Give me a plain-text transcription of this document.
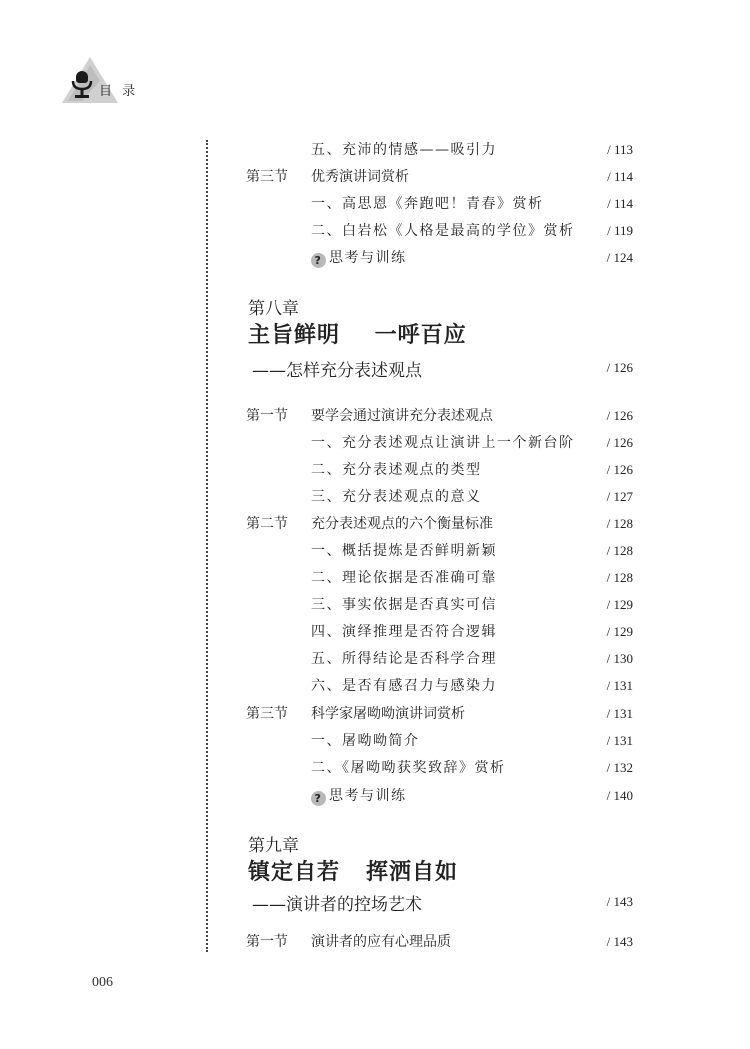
目 录
五、充沛的情感——吸引力	/ 113
第三节 优秀演讲词赏析	/ 114
一、高思恩《奔跑吧！青春》赏析	/ 114
二、白岩松《人格是最高的学位》赏析	/ 119
? 思考与训练	/ 124
第八章
主旨鲜明    一呼百应
——怎样充分表述观点	/ 126
第一节 要学会通过演讲充分表述观点	/ 126
一、充分表述观点让演讲上一个新台阶 / 126
二、充分表述观点的类型	/ 126
三、充分表述观点的意义	/ 127
第二节 充分表述观点的六个衡量标准	/ 128
一、概括提炼是否鲜明新颖	/ 128
二、理论依据是否准确可靠	/ 128
三、事实依据是否真实可信	/ 129
四、演绎推理是否符合逻辑	/ 129
五、所得结论是否科学合理	/ 130
六、是否有感召力与感染力	/ 131
第三节 科学家屠呦呦演讲词赏析	/ 131
一、屠呦呦简介	/ 131
二、《屠呦呦获奖致辞》赏析	/ 132
? 思考与训练	/ 140
第九章
镇定自若   挥洒自如
——演讲者的控场艺术	/ 143
第一节 演讲者的应有心理品质	/ 143
006
